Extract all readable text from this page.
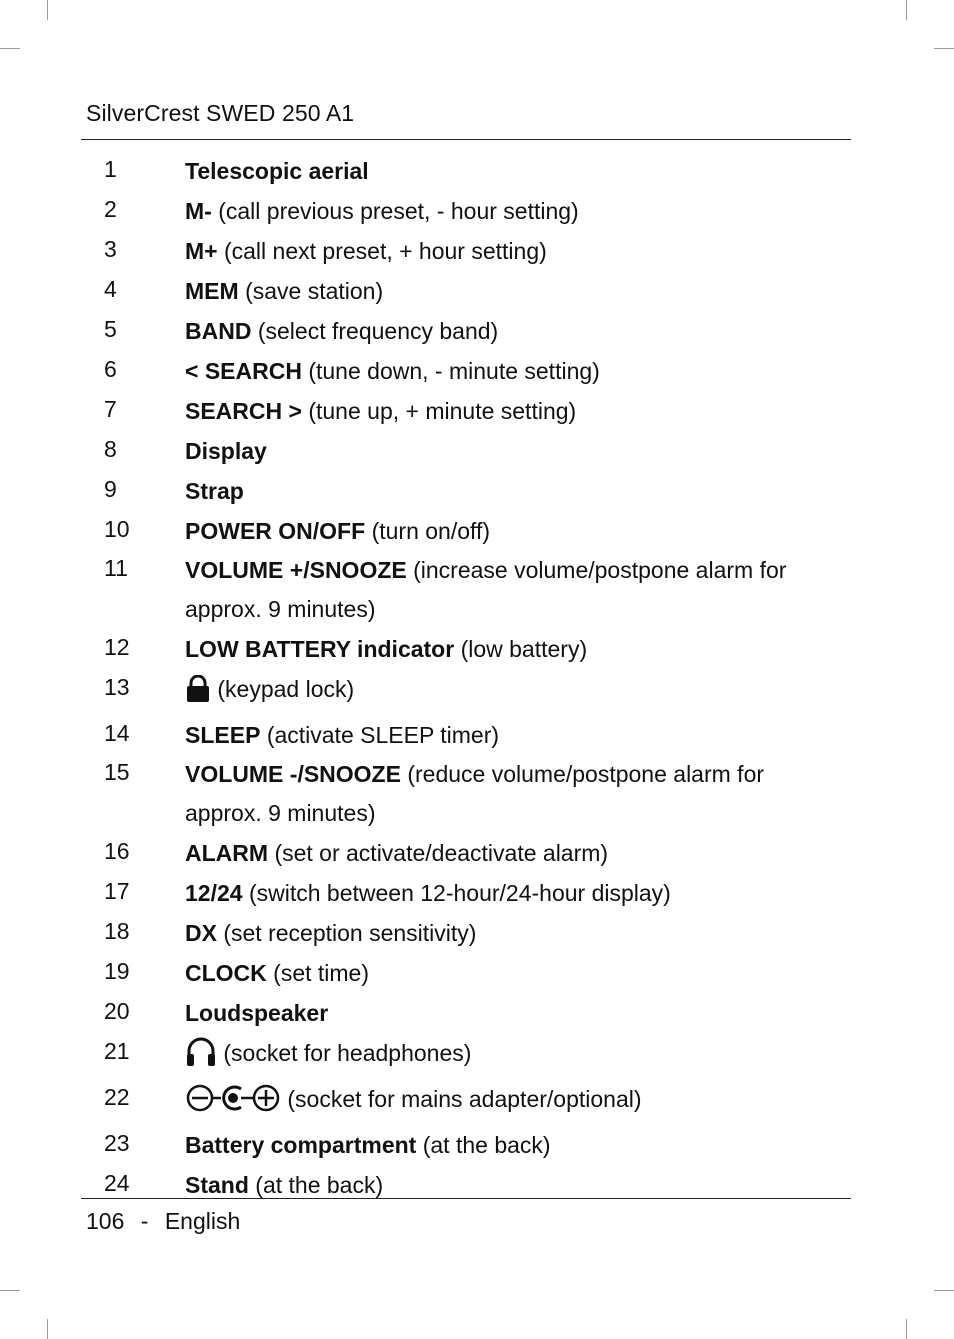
SilverCrest SWED 250 A1
1	Telescopic aerial
2	M- (call previous preset, - hour setting)
3	M+ (call next preset, + hour setting)
4	MEM (save station)
5	BAND (select frequency band)
6	< SEARCH (tune down, - minute setting)
7	SEARCH > (tune up, + minute setting)
8	Display
9	Strap
10 POWER ON/OFF (turn on/off)
11 VOLUME +/SNOOZE (increase volume/postpone alarm for approx. 9 minutes)
12 LOW BATTERY indicator (low battery)
13	(keypad lock)
14 SLEEP (activate SLEEP timer)
15 VOLUME -/SNOOZE (reduce volume/postpone alarm for approx. 9 minutes)
16 ALARM (set or activate/deactivate alarm)
17 12/24 (switch between 12-hour/24-hour display)
18 DX (set reception sensitivity)
19 CLOCK (set time)
20 Loudspeaker
21	(socket for headphones)
22	(socket for mains adapter/optional)
23 Battery compartment (at the back)
24 Stand (at the back)
106 - English
